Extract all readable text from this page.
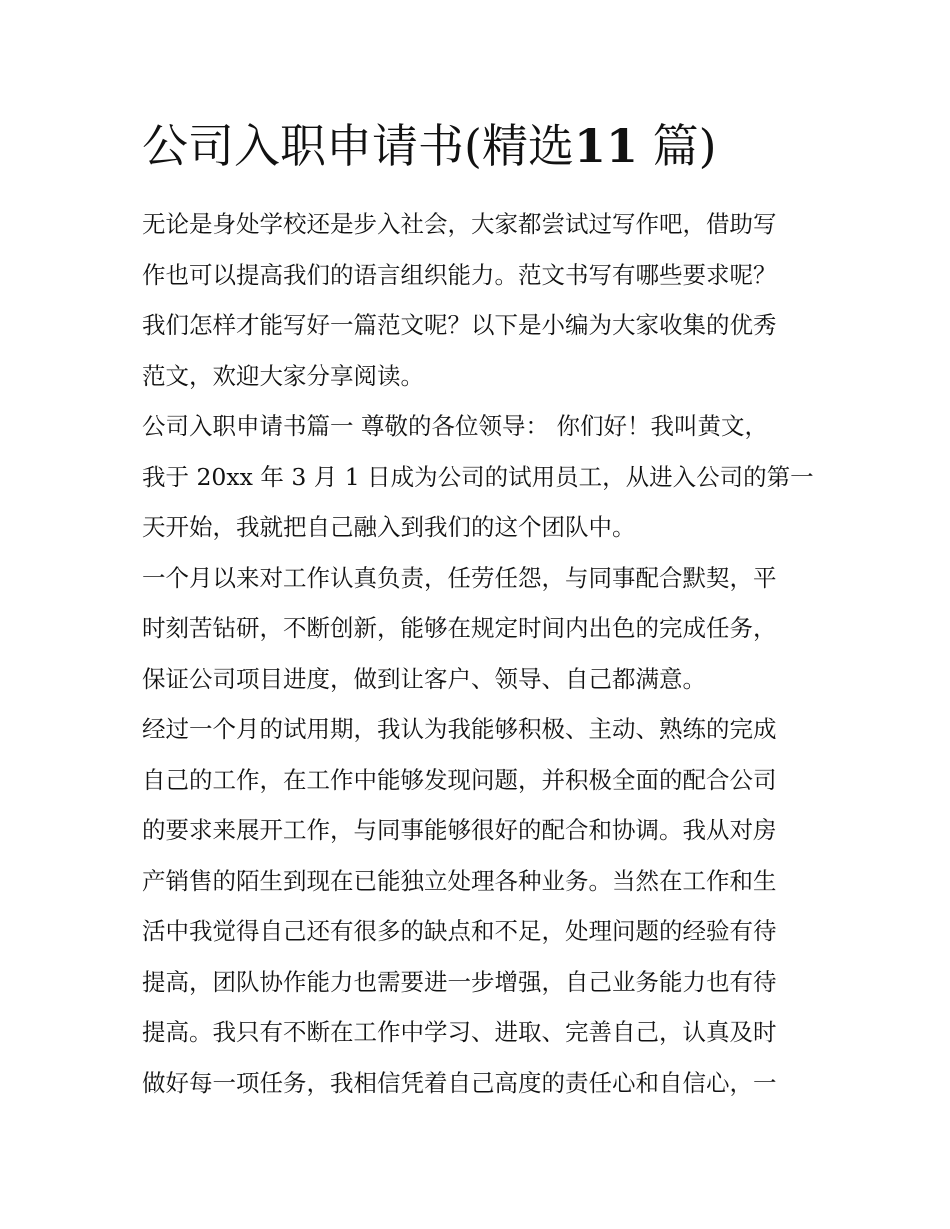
公司入职申请书(精选11 篇)
无论是身处学校还是步入社会，大家都尝试过写作吧，借助写
作也可以提高我们的语言组织能力。范文书写有哪些要求呢？
我们怎样才能写好一篇范文呢？以下是小编为大家收集的优秀
范文，欢迎大家分享阅读。
公司入职申请书篇一 尊敬的各位领导： 你们好！我叫黄文，
我于 20xx 年 3 月 1 日成为公司的试用员工，从进入公司的第一
天开始，我就把自己融入到我们的这个团队中。
一个月以来对工作认真负责，任劳任怨，与同事配合默契，平
时刻苦钻研，不断创新，能够在规定时间内出色的完成任务，
保证公司项目进度，做到让客户、领导、自己都满意。
经过一个月的试用期，我认为我能够积极、主动、熟练的完成
自己的工作，在工作中能够发现问题，并积极全面的配合公司
的要求来展开工作，与同事能够很好的配合和协调。我从对房
产销售的陌生到现在已能独立处理各种业务。当然在工作和生
活中我觉得自己还有很多的缺点和不足，处理问题的经验有待
提高，团队协作能力也需要进一步增强，自己业务能力也有待
提高。我只有不断在工作中学习、进取、完善自己，认真及时
做好每一项任务，我相信凭着自己高度的责任心和自信心，一
